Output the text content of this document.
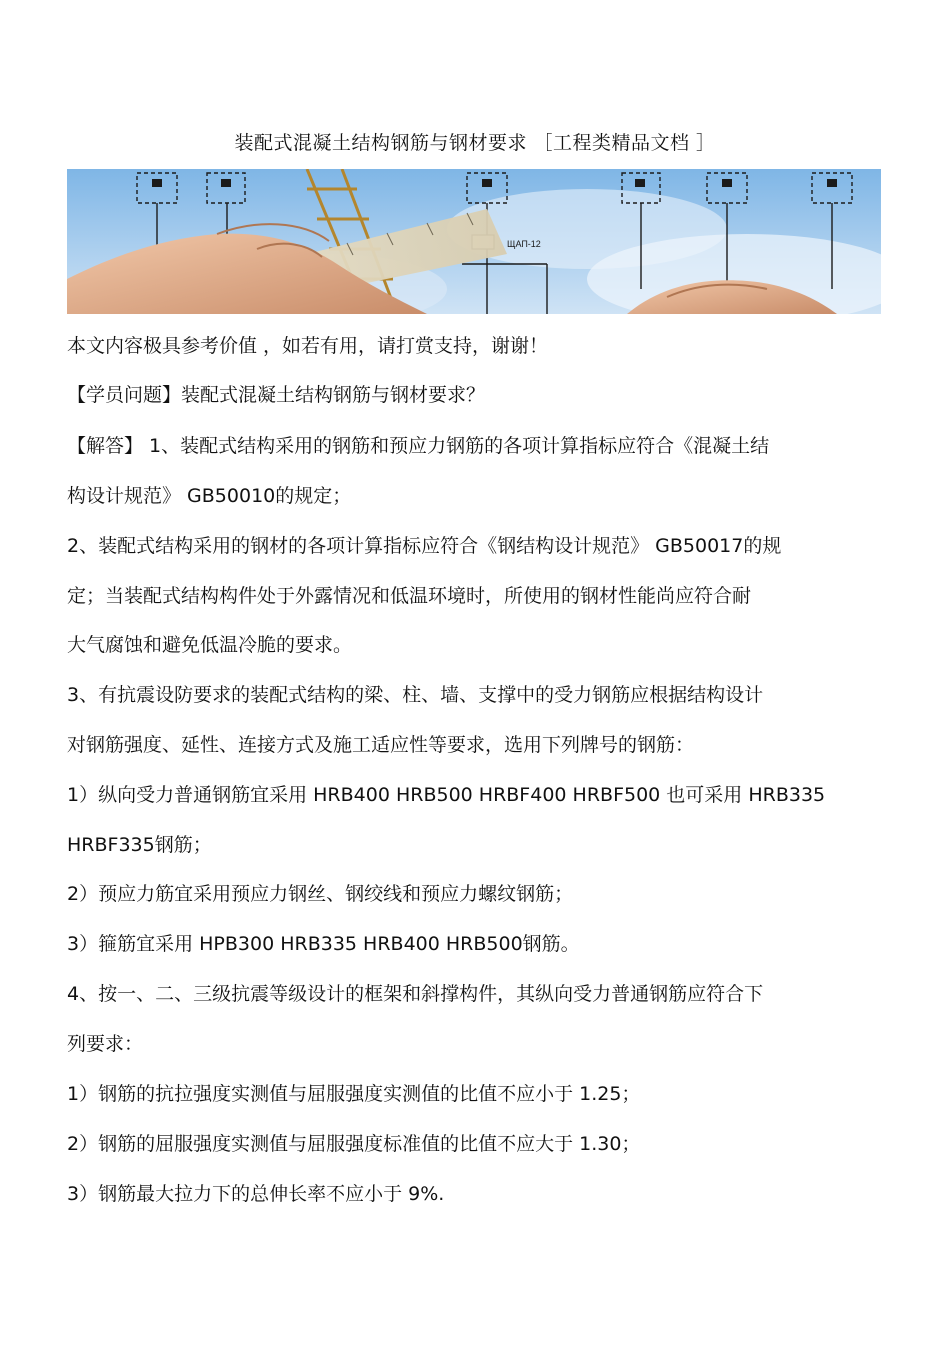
装配式混凝土结构钢筋与钢材要求 ［工程类精品文档 ］
ЩАП-12
本文内容极具参考价值 ，如若有用，请打赏支持，谢谢！
【学员问题】装配式混凝土结构钢筋与钢材要求？
【解答】 1、装配式结构采用的钢筋和预应力钢筋的各项计算指标应符合《混凝土结
构设计规范》 GB50010的规定；
2、装配式结构采用的钢材的各项计算指标应符合《钢结构设计规范》 GB50017的规
定；当装配式结构构件处于外露情况和低温环境时，所使用的钢材性能尚应符合耐
大气腐蚀和避免低温冷脆的要求。
3、有抗震设防要求的装配式结构的梁、柱、墙、支撑中的受力钢筋应根据结构设计
对钢筋强度、延性、连接方式及施工适应性等要求，选用下列牌号的钢筋：
1）纵向受力普通钢筋宜采用 HRB400 HRB500 HRBF400 HRBF500 也可采用 HRB335
HRBF335钢筋；
2）预应力筋宜采用预应力钢丝、钢绞线和预应力螺纹钢筋；
3）箍筋宜采用 HPB300 HRB335 HRB400 HRB500钢筋。
4、按一、二、三级抗震等级设计的框架和斜撑构件，其纵向受力普通钢筋应符合下
列要求：
1）钢筋的抗拉强度实测值与屈服强度实测值的比值不应小于 1.25；
2）钢筋的屈服强度实测值与屈服强度标准值的比值不应大于 1.30；
3）钢筋最大拉力下的总伸长率不应小于 9%.
